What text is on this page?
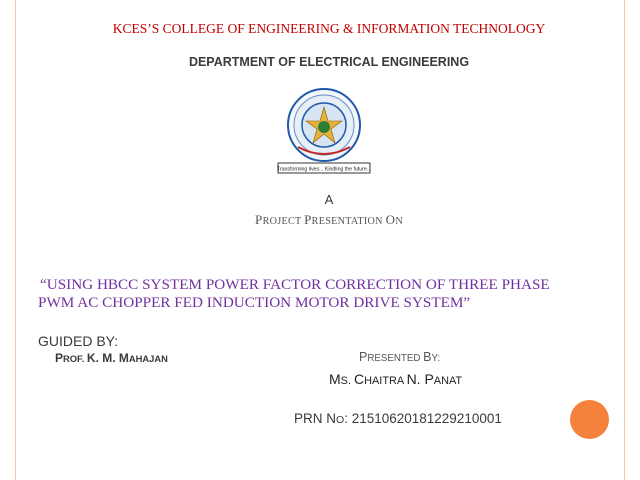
KCES’S COLLEGE OF ENGINEERING & INFORMATION TECHNOLOGY
DEPARTMENT OF ELECTRICAL ENGINEERING
Transforming lives... Kindling the future...
A
PROJECT PRESENTATION ON
“USING HBCC SYSTEM POWER FACTOR CORRECTION OF THREE PHASE
PWM AC CHOPPER FED INDUCTION MOTOR DRIVE SYSTEM”
GUIDED BY:
PROF. K. M. MAHAJAN	PRESENTED BY:
MS. CHAITRA N. PANAT
PRN NO: 21510620181229210001
